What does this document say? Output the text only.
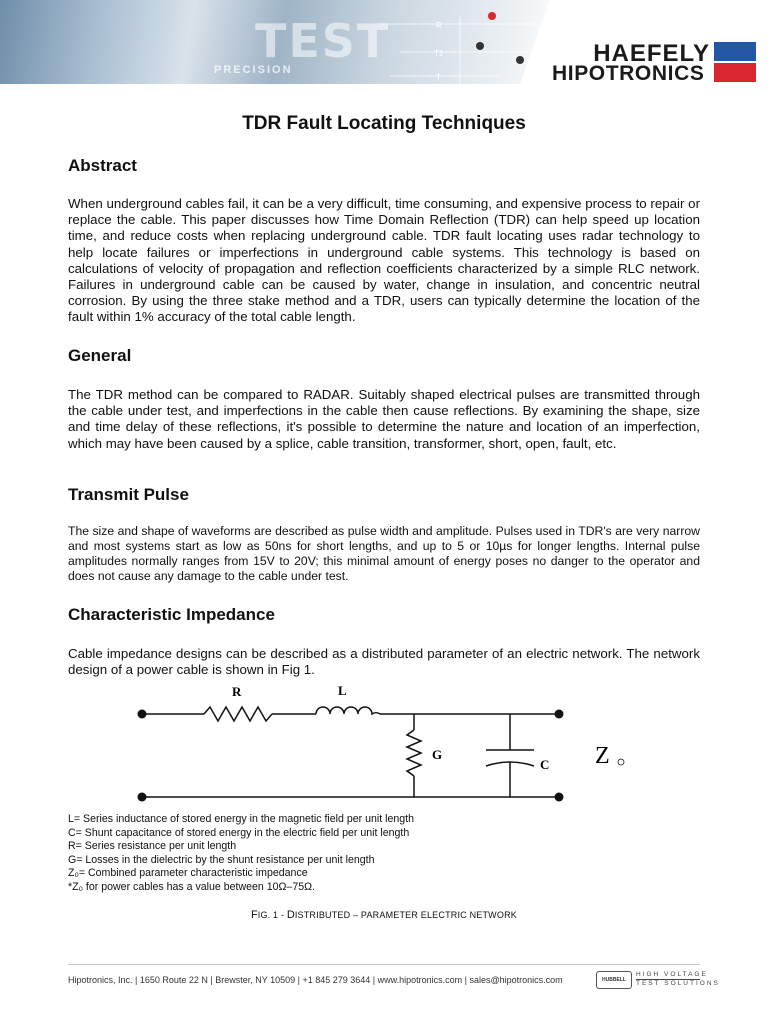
TEST
PRECISION
R
T1
T
HAEFELY
HIPOTRONICS
TDR Fault Locating Techniques
Abstract

When underground cables fail, it can be a very difficult, time consuming, and expensive process to repair or replace the cable. This paper discusses how Time Domain Reflection (TDR) can help speed up location time, and reduce costs when replacing underground cable. TDR fault locating uses radar technology to help locate failures or imperfections in underground cable systems. This technology is based on calculations of velocity of propagation and reflection coefficients characterized by a simple RLC network. Failures in underground cable can be caused by water, change in insulation, and concentric neutral corrosion. By using the three stake method and a TDR, users can typically determine the location of the fault within 1% accuracy of the total cable length.

General

The TDR method can be compared to RADAR. Suitably shaped electrical pulses are transmitted through the cable under test, and imperfections in the cable then cause reflections. By examining the shape, size and time delay of these reflections, it's possible to determine the nature and location of an imperfection, which may have been caused by a splice, cable transition, transformer, short, open, fault, etc.

Transmit Pulse

The size and shape of waveforms are described as pulse width and amplitude. Pulses used in TDR's are very narrow and most systems start as low as 50ns for short lengths, and up to 5 or 10µs for longer lengths. Internal pulse amplitudes normally ranges from 15V to 20V; this minimal amount of energy poses no danger to the operator and does not cause any damage to the cable under test.

Characteristic Impedance

Cable impedance designs can be described as a distributed parameter of an electric network. The network design of a power cable is shown in Fig 1.

R	L
G
C Z
L= Series inductance of stored energy in the magnetic field per unit length
C= Shunt capacitance of stored energy in the electric field per unit length
R= Series resistance per unit length
G= Losses in the dielectric by the shunt resistance per unit length
Z₀= Combined parameter characteristic impedance
*Z₀ for power cables has a value between 10Ω–75Ω.
FIG. 1 - DISTRIBUTED – PARAMETER ELECTRIC NETWORK
Hipotronics, Inc. | 1650 Route 22 N | Brewster, NY 10509 | +1 845 279 3644 | www.hipotronics.com | sales@hipotronics.com	HUBBELL
HIGH VOLTAGE
TEST SOLUTIONS
